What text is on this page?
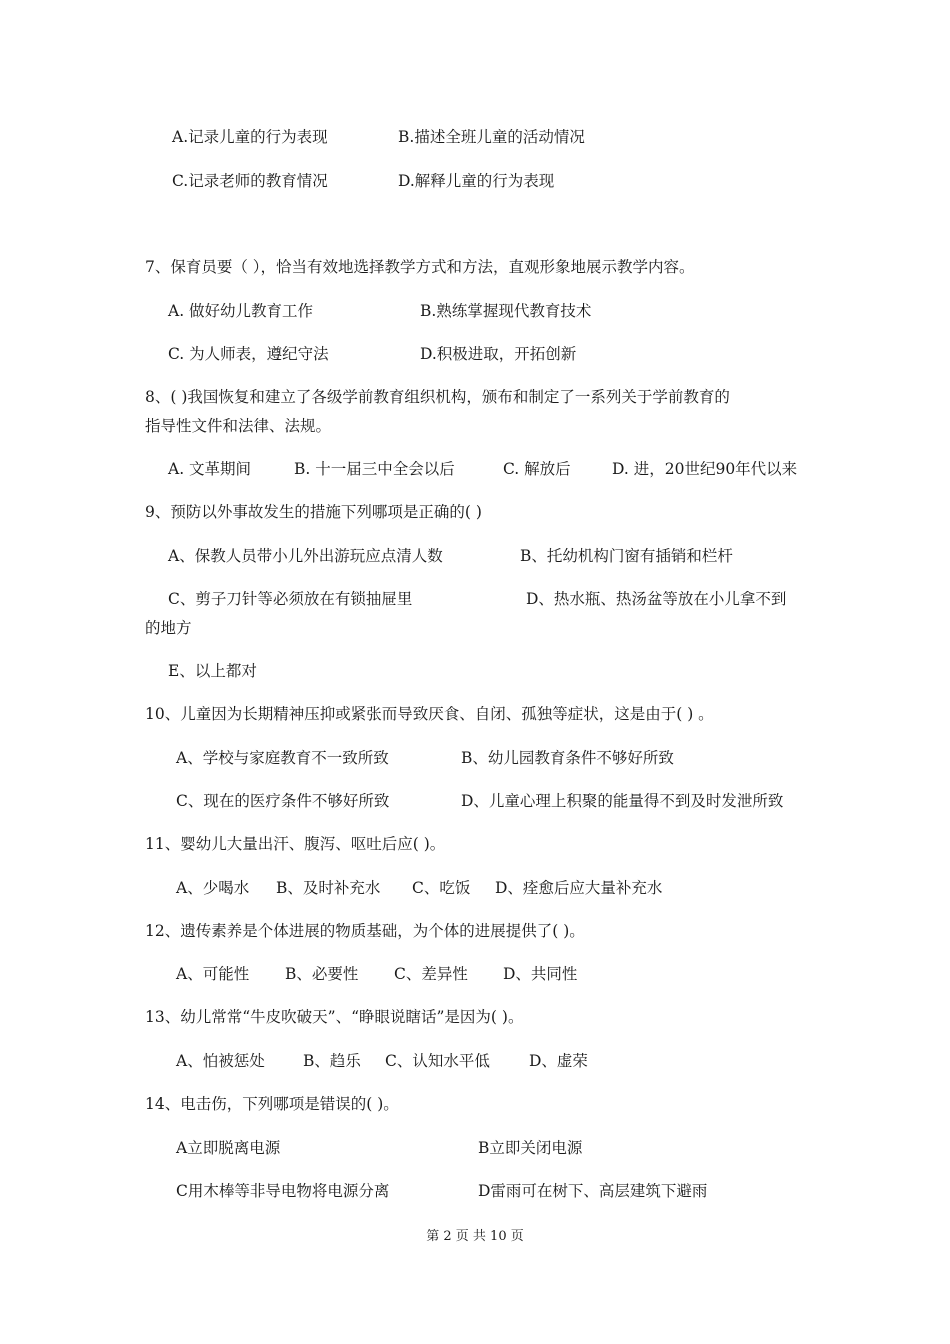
A.记录儿童的行为表现	B.描述全班儿童的活动情况
C.记录老师的教育情况	D.解释儿童的行为表现
7、保育员要（ ），恰当有效地选择教学方式和方法，直观形象地展示教学内容。
A. 做好幼儿教育工作	B.熟练掌握现代教育技术
C. 为人师表，遵纪守法	D.积极进取，开拓创新
8、( )我国恢复和建立了各级学前教育组织机构，颁布和制定了一系列关于学前教育的
指导性文件和法律、法规。
A. 文革期间	B. 十一届三中全会以后	C. 解放后	D. 进，20世纪90年代以来
9、预防以外事故发生的措施下列哪项是正确的( )
A、保教人员带小儿外出游玩应点清人数	B、托幼机构门窗有插销和栏杆
C、剪子刀针等必须放在有锁抽屉里	D、热水瓶、热汤盆等放在小儿拿不到
的地方
E、以上都对
10、儿童因为长期精神压抑或紧张而导致厌食、自闭、孤独等症状，这是由于( ) 。
A、学校与家庭教育不一致所致	B、幼儿园教育条件不够好所致
C、现在的医疗条件不够好所致	D、儿童心理上积聚的能量得不到及时发泄所致
11、婴幼儿大量出汗、腹泻、呕吐后应( )。
A、少喝水 B、及时补充水 C、吃饭 D、痊愈后应大量补充水
12、遗传素养是个体进展的物质基础，为个体的进展提供了( )。
A、可能性 B、必要性 C、差异性 D、共同性
13、幼儿常常“牛皮吹破天”、“睁眼说瞎话”是因为( )。
A、怕被惩处 B、趋乐 C、认知水平低	D、虚荣
14、电击伤，下列哪项是错误的( )。
A立即脱离电源	B立即关闭电源
C用木棒等非导电物将电源分离	D雷雨可在树下、高层建筑下避雨
第 2 页 共 10 页
